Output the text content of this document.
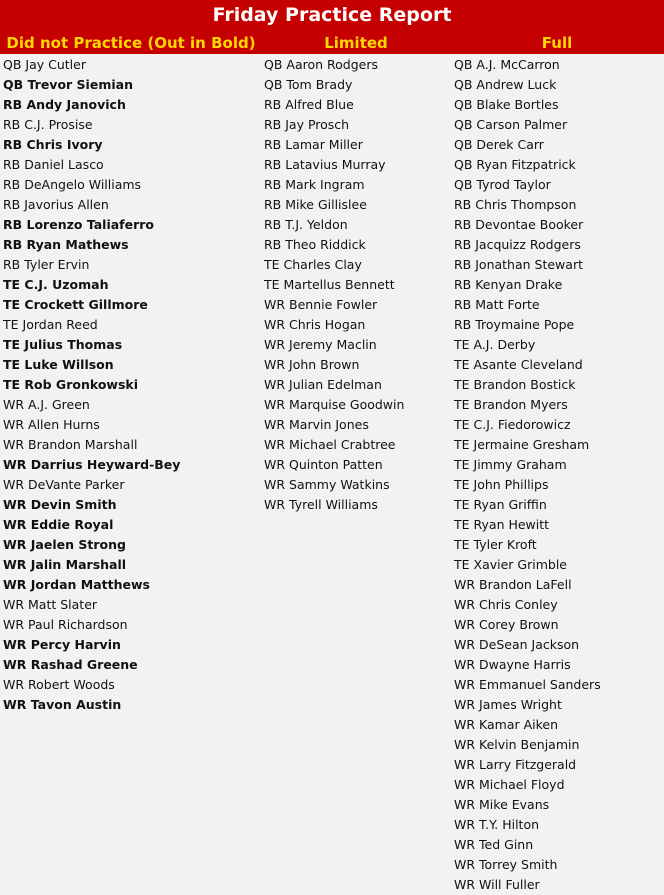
Friday Practice Report
Did not Practice (Out in Bold)	Limited	Full
QB Jay Cutler
QB Trevor Siemian
RB Andy Janovich
RB C.J. Prosise
RB Chris Ivory
RB Daniel Lasco
RB DeAngelo Williams
RB Javorius Allen
RB Lorenzo Taliaferro
RB Ryan Mathews
RB Tyler Ervin
TE C.J. Uzomah
TE Crockett Gillmore
TE Jordan Reed
TE Julius Thomas
TE Luke Willson
TE Rob Gronkowski
WR A.J. Green
WR Allen Hurns
WR Brandon Marshall
WR Darrius Heyward-Bey
WR DeVante Parker
WR Devin Smith
WR Eddie Royal
WR Jaelen Strong
WR Jalin Marshall
WR Jordan Matthews
WR Matt Slater
WR Paul Richardson
WR Percy Harvin
WR Rashad Greene
WR Robert Woods
WR Tavon Austin
QB Aaron Rodgers
QB Tom Brady
RB Alfred Blue
RB Jay Prosch
RB Lamar Miller
RB Latavius Murray
RB Mark Ingram
RB Mike Gillislee
RB T.J. Yeldon
RB Theo Riddick
TE Charles Clay
TE Martellus Bennett
WR Bennie Fowler
WR Chris Hogan
WR Jeremy Maclin
WR John Brown
WR Julian Edelman
WR Marquise Goodwin
WR Marvin Jones
WR Michael Crabtree
WR Quinton Patten
WR Sammy Watkins
WR Tyrell Williams
QB A.J. McCarron
QB Andrew Luck
QB Blake Bortles
QB Carson Palmer
QB Derek Carr
QB Ryan Fitzpatrick
QB Tyrod Taylor
RB Chris Thompson
RB Devontae Booker
RB Jacquizz Rodgers
RB Jonathan Stewart
RB Kenyan Drake
RB Matt Forte
RB Troymaine Pope
TE A.J. Derby
TE Asante Cleveland
TE Brandon Bostick
TE Brandon Myers
TE C.J. Fiedorowicz
TE Jermaine Gresham
TE Jimmy Graham
TE John Phillips
TE Ryan Griffin
TE Ryan Hewitt
TE Tyler Kroft
TE Xavier Grimble
WR Brandon LaFell
WR Chris Conley
WR Corey Brown
WR DeSean Jackson
WR Dwayne Harris
WR Emmanuel Sanders
WR James Wright
WR Kamar Aiken
WR Kelvin Benjamin
WR Larry Fitzgerald
WR Michael Floyd
WR Mike Evans
WR T.Y. Hilton
WR Ted Ginn
WR Torrey Smith
WR Will Fuller
